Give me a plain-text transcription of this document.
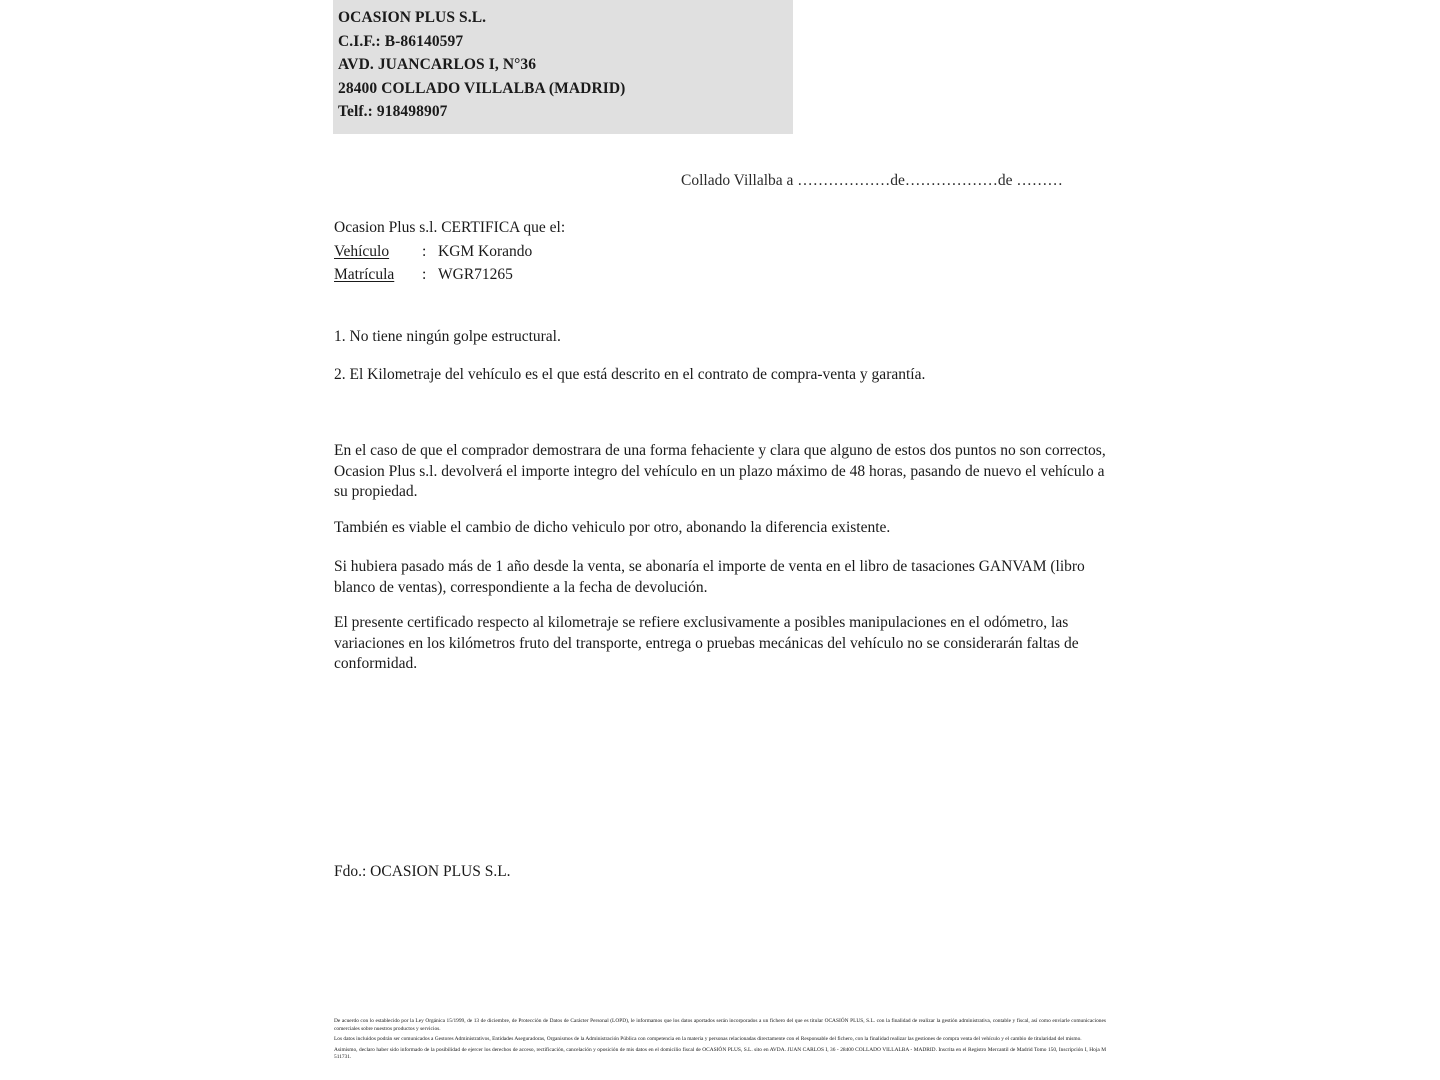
OCASION PLUS S.L.
C.I.F.: B-86140597
AVD. JUANCARLOS I, N°36
28400 COLLADO VILLALBA (MADRID)
Telf.: 918498907
Collado Villalba a ………………de………………de ………
Ocasion Plus s.l. CERTIFICA que el:
Vehículo	: KGM Korando
Matrícula	: WGR71265
1. No tiene ningún golpe estructural.
2. El Kilometraje del vehículo es el que está descrito en el contrato de compra-venta y garantía.
En el caso de que el comprador demostrara de una forma fehaciente y clara que alguno de estos dos puntos no son correctos, Ocasion Plus s.l. devolverá el importe integro del vehículo en un plazo máximo de 48 horas, pasando de nuevo el vehículo a su propiedad.
También es viable el cambio de dicho vehiculo por otro, abonando la diferencia existente.
Si hubiera pasado más de 1 año desde la venta, se abonaría el importe de venta en el libro de tasaciones GANVAM (libro blanco de ventas), correspondiente a la fecha de devolución.
El presente certificado respecto al kilometraje se refiere exclusivamente a posibles manipulaciones en el odómetro, las variaciones en los kilómetros fruto del transporte, entrega o pruebas mecánicas del vehículo no se considerarán faltas de conformidad.
Fdo.: OCASION PLUS S.L.

De acuerdo con lo establecido por la Ley Orgánica 15/1999, de 13 de diciembre, de Protección de Datos de Carácter Personal (LOPD), le informamos que los datos aportados serán incorporados a un fichero del que es titular OCASIÓN PLUS, S.L. con la finalidad de realizar la gestión administrativa, contable y fiscal, así como enviarle comunicaciones comerciales sobre nuestros productos y servicios.

Los datos incluidos podrán ser comunicados a Gestores Administrativos, Entidades Aseguradoras, Organismos de la Administración Pública con competencia en la materia y personas relacionadas directamente con el Responsable del fichero, con la finalidad realizar las gestiones de compra venta del vehículo y el cambio de titularidad del mismo.

Asimismo, declaro haber sido informado de la posibilidad de ejercer los derechos de acceso, rectificación, cancelación y oposición de mis datos en el domicilio fiscal de OCASIÓN PLUS, S.L. sito en AVDA. JUAN CARLOS I, 36 - 28400 COLLADO VILLALBA - MADRID. Inscrita en el Registro Mercantil de Madrid Tomo 150, Inscripción I, Hoja M 511731.
